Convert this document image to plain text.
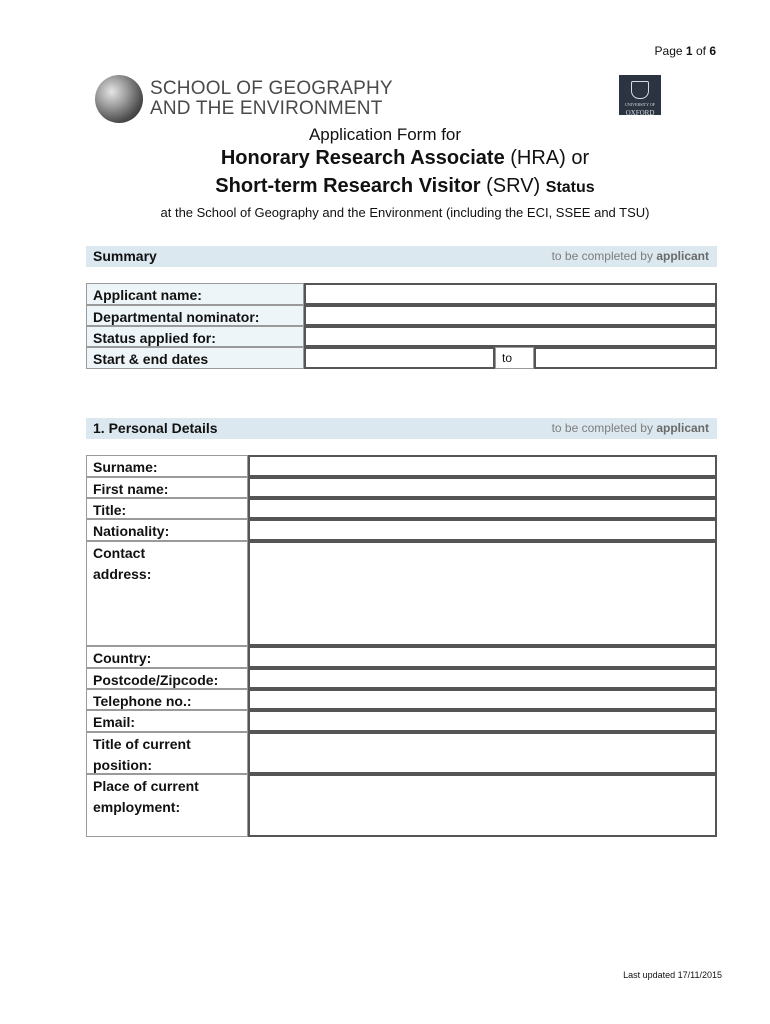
Page 1 of 6
SCHOOL OF GEOGRAPHY
AND THE ENVIRONMENT	UNIVERSITY OF
OXFORD
Application Form for
Honorary Research Associate (HRA) or
Short-term Research Visitor (SRV) Status
at the School of Geography and the Environment (including the ECI, SSEE and TSU)
Summary	to be completed by applicant
Applicant name:
Departmental nominator:
Status applied for:
Start & end dates	to
1. Personal Details	to be completed by applicant
Surname:
First name:
Title:
Nationality:
Contact address:
Country:
Postcode/Zipcode:
Telephone no.:
Email:
Title of current position:
Place of current employment:
Last updated 17/11/2015
